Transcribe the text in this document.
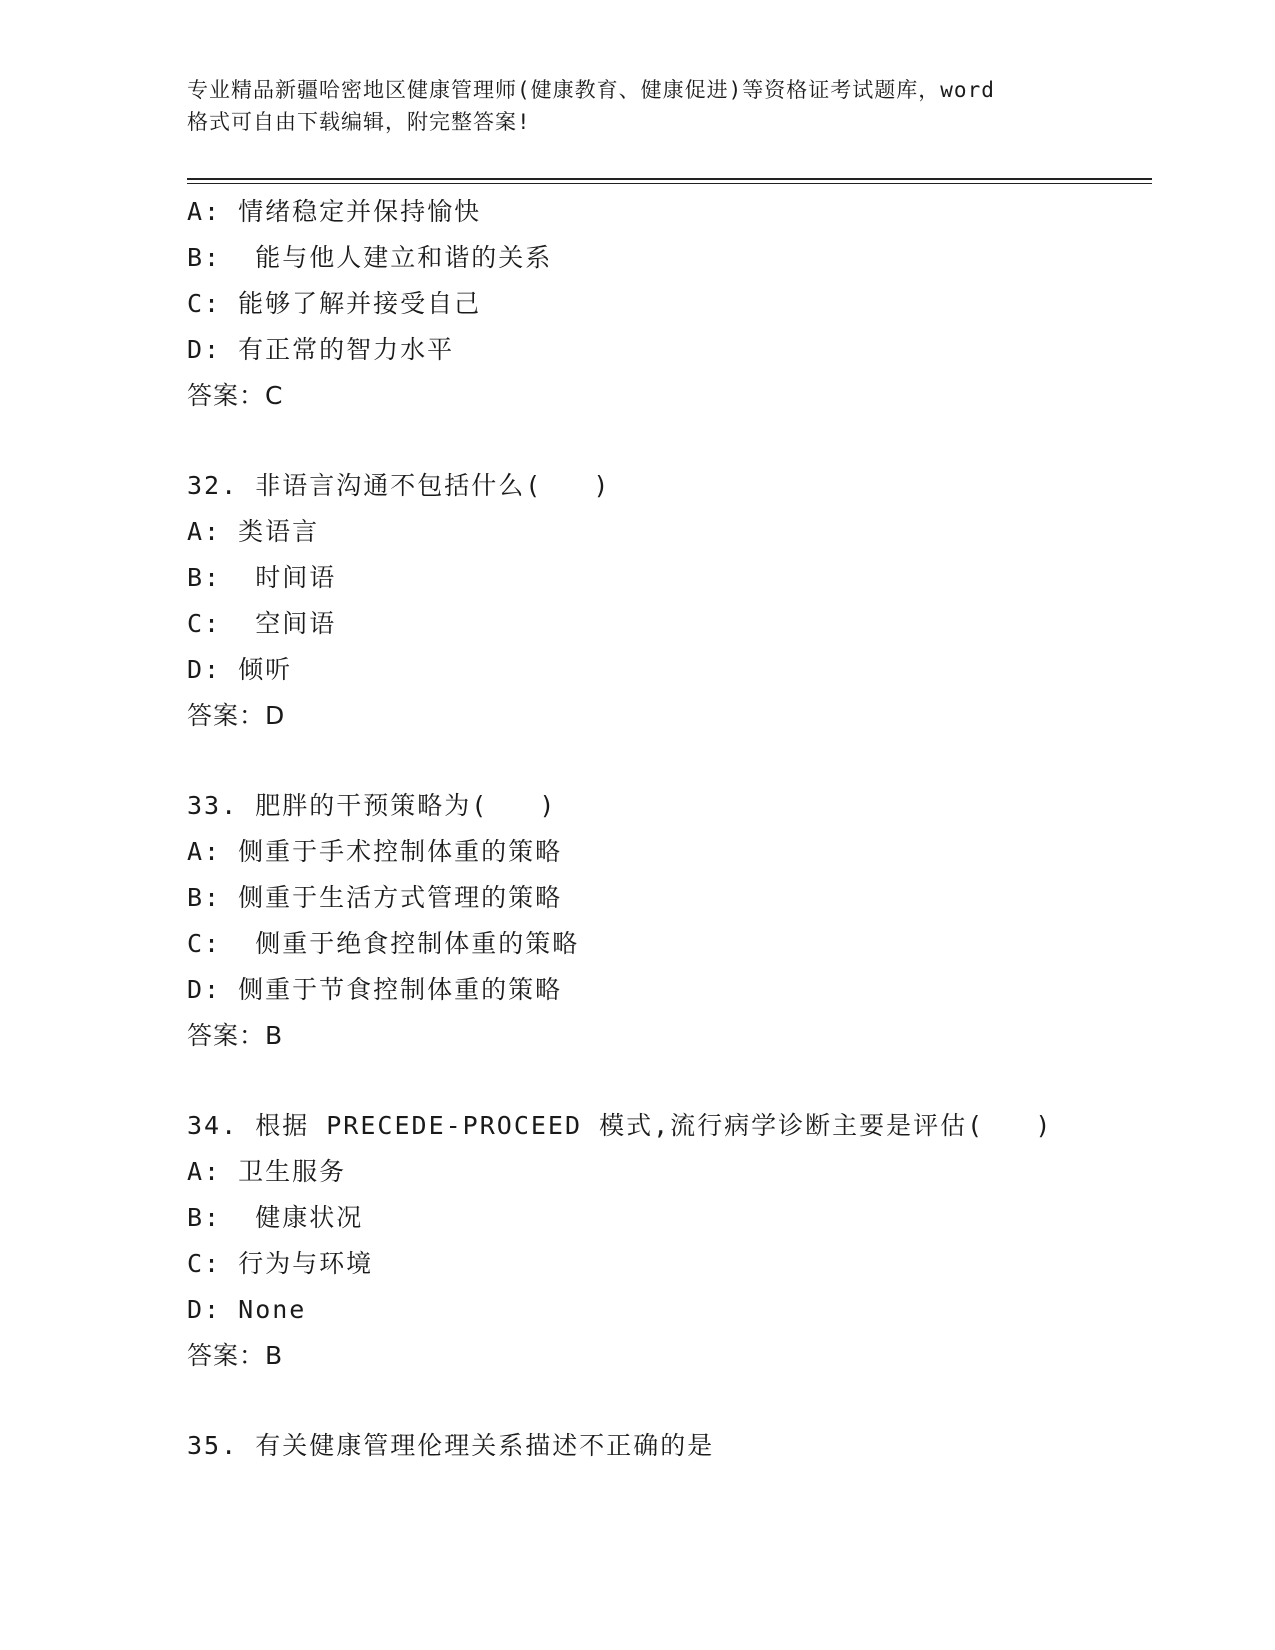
专业精品新疆哈密地区健康管理师(健康教育、健康促进)等资格证考试题库，word
格式可自由下载编辑，附完整答案!
A: 情绪稳定并保持愉快
B:  能与他人建立和谐的关系
C: 能够了解并接受自己
D: 有正常的智力水平
答案：C
32. 非语言沟通不包括什么(   )
A: 类语言
B:  时间语
C:  空间语
D: 倾听
答案：D
33. 肥胖的干预策略为(   )
A: 侧重于手术控制体重的策略
B: 侧重于生活方式管理的策略
C:  侧重于绝食控制体重的策略
D: 侧重于节食控制体重的策略
答案：B
34. 根据 PRECEDE-PROCEED 模式,流行病学诊断主要是评估(   )
A: 卫生服务
B:  健康状况
C: 行为与环境
D: None
答案：B
35. 有关健康管理伦理关系描述不正确的是
